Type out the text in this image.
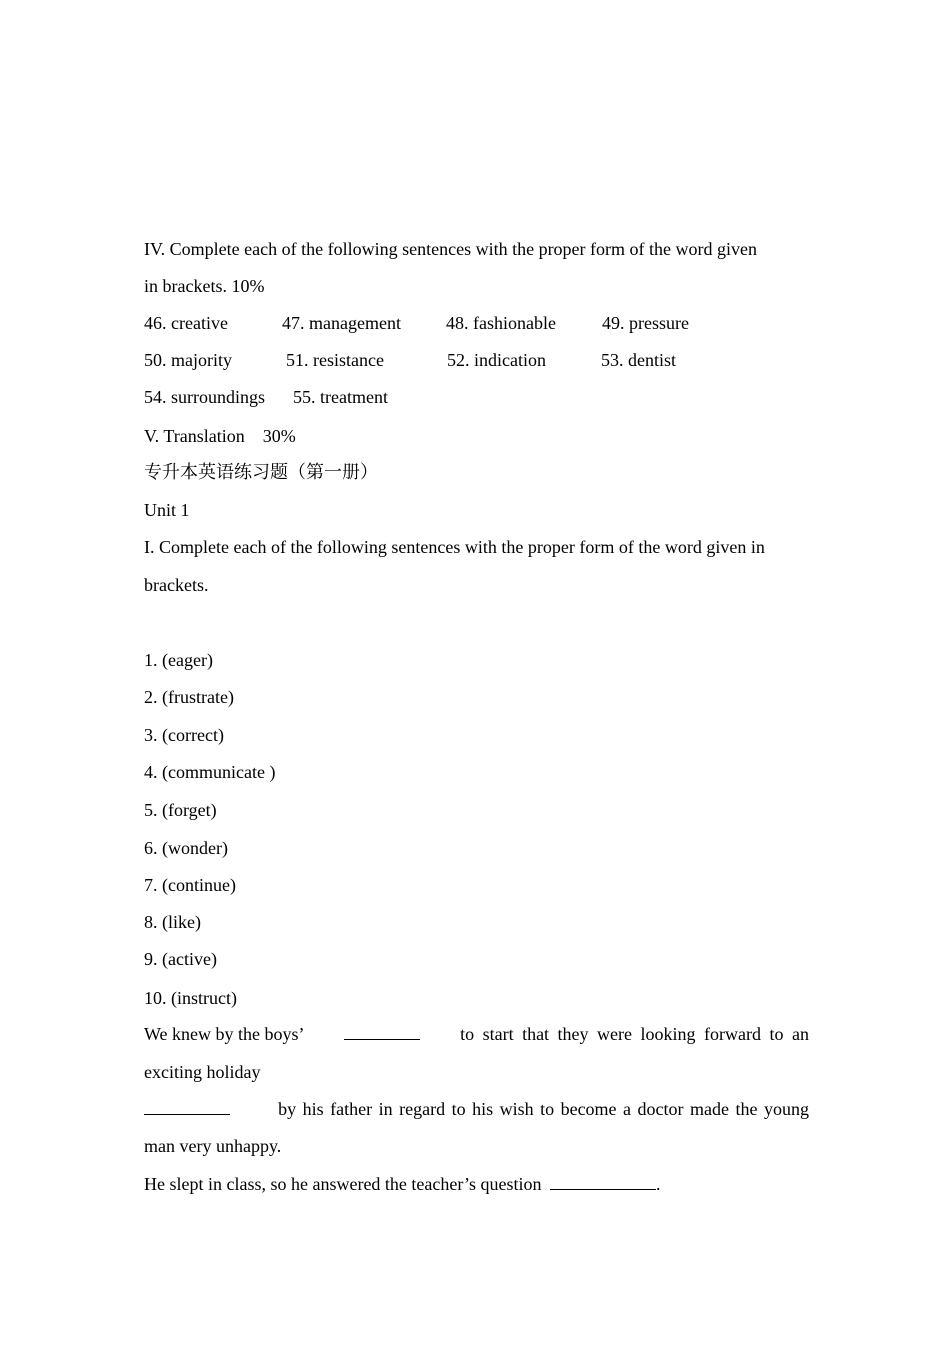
IV. Complete each of the following sentences with the proper form of the word given
in brackets. 10%
46. creative	47. management	48. fashionable	49. pressure
50. majority	51. resistance	52. indication	53. dentist
54. surroundings 55. treatment
V. Translation    30%
专升本英语练习题（第一册）
Unit 1
I. Complete each of the following sentences with the proper form of the word given in
brackets.
1. (eager)
2. (frustrate)
3. (correct)
4. (communicate )
5. (forget)
6. (wonder)
7. (continue)
8. (like)
9. (active)
10. (instruct)
We knew by the boys’	to start that they were looking forward to an
exciting holiday
by his father in regard to his wish to become a doctor made the young
man very unhappy.
He slept in class, so he answered the teacher’s question	.
